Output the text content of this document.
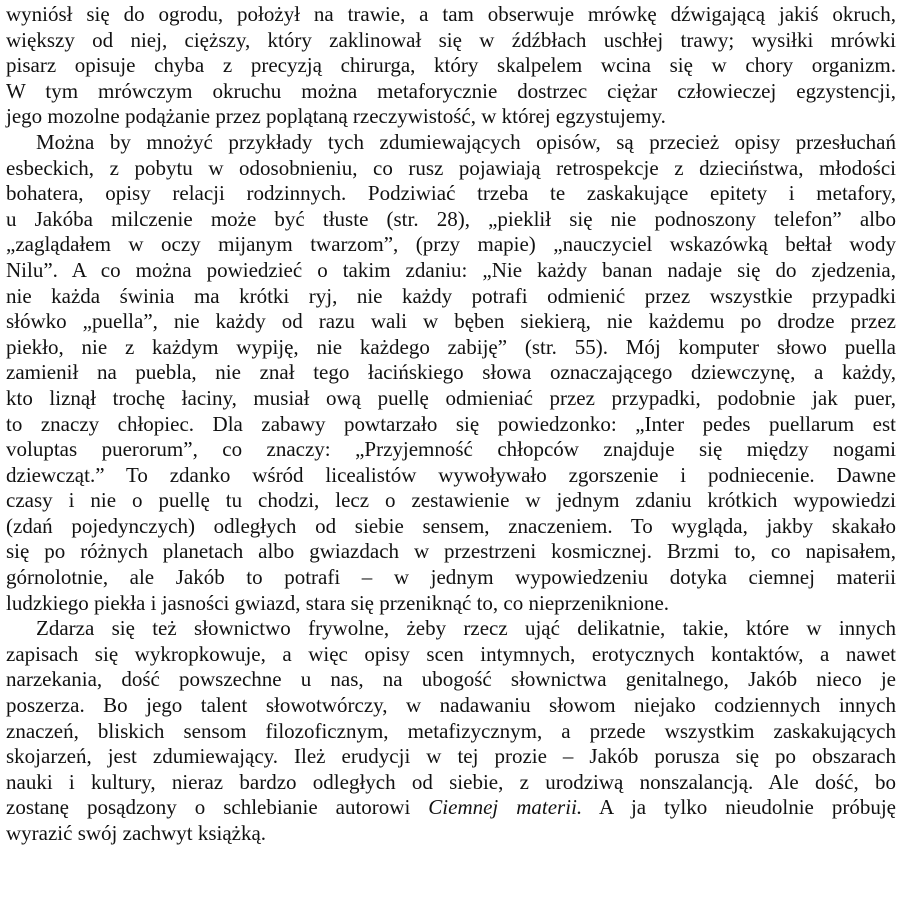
wyniósł się do ogrodu, położył na trawie, a tam obserwuje mrówkę dźwigającą jakiś okruch,
większy od niej, cięższy, który zaklinował się w źdźbłach uschłej trawy; wysiłki mrówki
pisarz opisuje chyba z precyzją chirurga, który skalpelem wcina się w chory organizm.
W tym mrówczym okruchu można metaforycznie dostrzec ciężar człowieczej egzystencji,
jego mozolne podążanie przez poplątaną rzeczywistość, w której egzystujemy.

Można by mnożyć przykłady tych zdumiewających opisów, są przecież opisy przesłuchań
esbeckich, z pobytu w odosobnieniu, co rusz pojawiają retrospekcje z dzieciństwa, młodości
bohatera, opisy relacji rodzinnych. Podziwiać trzeba te zaskakujące epitety i metafory,
u Jakóba milczenie może być tłuste (str. 28), „pieklił się nie podnoszony telefon” albo
„zaglądałem w oczy mijanym twarzom”, (przy mapie) „nauczyciel wskazówką bełtał wody
Nilu”. A co można powiedzieć o takim zdaniu: „Nie każdy banan nadaje się do zjedzenia,
nie każda świnia ma krótki ryj, nie każdy potrafi odmienić przez wszystkie przypadki
słówko „puella”, nie każdy od razu wali w bęben siekierą, nie każdemu po drodze przez
piekło, nie z każdym wypiję, nie każdego zabiję” (str. 55). Mój komputer słowo puella
zamienił na puebla, nie znał tego łacińskiego słowa oznaczającego dziewczynę, a każdy,
kto liznął trochę łaciny, musiał ową puellę odmieniać przez przypadki, podobnie jak puer,
to znaczy chłopiec. Dla zabawy powtarzało się powiedzonko: „Inter pedes puellarum est
voluptas puerorum”, co znaczy: „Przyjemność chłopców znajduje się między nogami
dziewcząt.” To zdanko wśród licealistów wywoływało zgorszenie i podniecenie. Dawne
czasy i nie o puellę tu chodzi, lecz o zestawienie w jednym zdaniu krótkich wypowiedzi
(zdań pojedynczych) odległych od siebie sensem, znaczeniem. To wygląda, jakby skakało
się po różnych planetach albo gwiazdach w przestrzeni kosmicznej. Brzmi to, co napisałem,
górnolotnie, ale Jakób to potrafi – w jednym wypowiedzeniu dotyka ciemnej materii
ludzkiego piekła i jasności gwiazd, stara się przeniknąć to, co nieprzeniknione.

Zdarza się też słownictwo frywolne, żeby rzecz ująć delikatnie, takie, które w innych
zapisach się wykropkowuje, a więc opisy scen intymnych, erotycznych kontaktów, a nawet
narzekania, dość powszechne u nas, na ubogość słownictwa genitalnego, Jakób nieco je
poszerza. Bo jego talent słowotwórczy, w nadawaniu słowom niejako codziennych innych
znaczeń, bliskich sensom filozoficznym, metafizycznym, a przede wszystkim zaskakujących
skojarzeń, jest zdumiewający. Ileż erudycji w tej prozie – Jakób porusza się po obszarach
nauki i kultury, nieraz bardzo odległych od siebie, z urodziwą nonszalancją. Ale dość, bo
zostanę posądzony o schlebianie autorowi Ciemnej materii. A ja tylko nieudolnie próbuję
wyrazić swój zachwyt książką.
